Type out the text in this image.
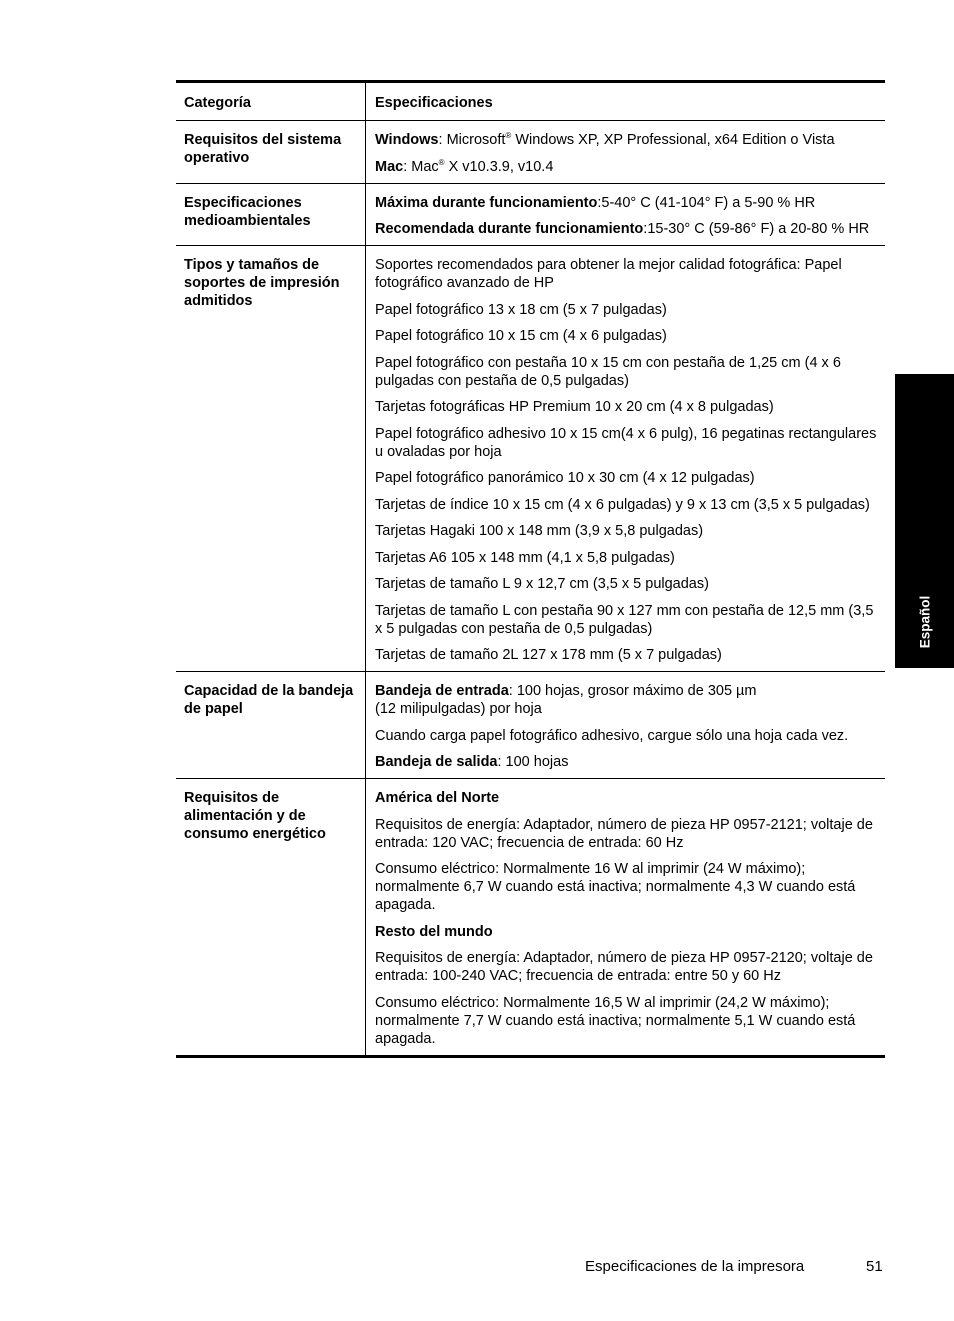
Categoría	Especificaciones
Requisitos del sistema operativo

Windows: Microsoft® Windows XP, XP Professional, x64 Edition o Vista

Mac: Mac® X v10.3.9, v10.4

Especificaciones medioambientales

Máxima durante funcionamiento:5-40° C (41-104° F) a 5-90 % HR

Recomendada durante funcionamiento:15-30° C (59-86° F) a 20-80 % HR

Tipos y tamaños de soportes de impresión admitidos

Soportes recomendados para obtener la mejor calidad fotográfica: Papel fotográfico avanzado de HP

Papel fotográfico 13 x 18 cm (5 x 7 pulgadas)

Papel fotográfico 10 x 15 cm (4 x 6 pulgadas)

Papel fotográfico con pestaña 10 x 15 cm con pestaña de 1,25 cm (4 x 6 pulgadas con pestaña de 0,5 pulgadas)

Tarjetas fotográficas HP Premium 10 x 20 cm (4 x 8 pulgadas)

Papel fotográfico adhesivo 10 x 15 cm(4 x 6 pulg), 16 pegatinas rectangulares u ovaladas por hoja

Papel fotográfico panorámico 10 x 30 cm (4 x 12 pulgadas)

Tarjetas de índice 10 x 15 cm (4 x 6 pulgadas) y 9 x 13 cm (3,5 x 5 pulgadas)

Tarjetas Hagaki 100 x 148 mm (3,9 x 5,8 pulgadas)

Tarjetas A6 105 x 148 mm (4,1 x 5,8 pulgadas)

Tarjetas de tamaño L 9 x 12,7 cm (3,5 x 5 pulgadas)

Tarjetas de tamaño L con pestaña 90 x 127 mm con pestaña de 12,5 mm (3,5 x 5 pulgadas con pestaña de 0,5 pulgadas)

Tarjetas de tamaño 2L 127 x 178 mm (5 x 7 pulgadas)

Capacidad de la bandeja de papel

Bandeja de entrada: 100 hojas, grosor máximo de 305 µm
(12 milipulgadas) por hoja

Cuando carga papel fotográfico adhesivo, cargue sólo una hoja cada vez.

Bandeja de salida: 100 hojas

Requisitos de alimentación y de consumo energético

América del Norte

Requisitos de energía: Adaptador, número de pieza HP 0957-2121; voltaje de entrada: 120 VAC; frecuencia de entrada: 60 Hz

Consumo eléctrico: Normalmente 16 W al imprimir (24 W máximo); normalmente 6,7 W cuando está inactiva; normalmente 4,3 W cuando está apagada.

Resto del mundo

Requisitos de energía: Adaptador, número de pieza HP 0957-2120; voltaje de entrada: 100-240 VAC; frecuencia de entrada: entre 50 y 60 Hz

Consumo eléctrico: Normalmente 16,5 W al imprimir (24,2 W máximo); normalmente 7,7 W cuando está inactiva; normalmente 5,1 W cuando está apagada.

Español
Especificaciones de la impresora	51
